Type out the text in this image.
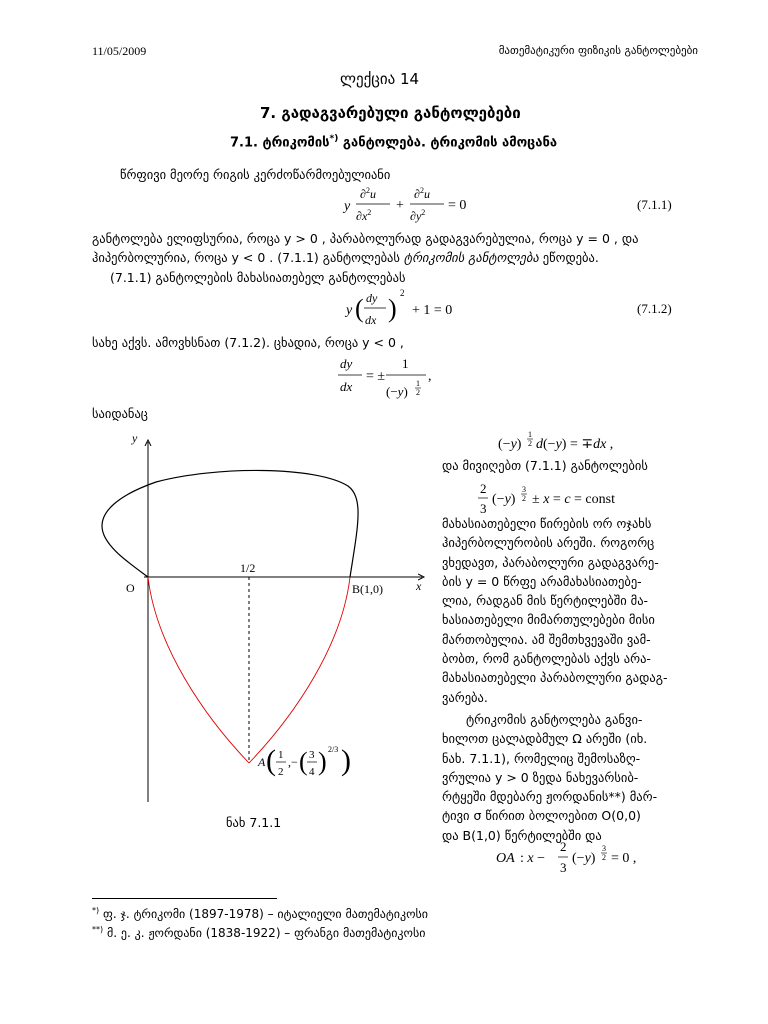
11/05/2009	მათემატიკური ფიზიკის განტოლებები
ლექცია 14
7. გადაგვარებული განტოლებები
7.1. ტრიკომის*) განტოლება. ტრიკომის ამოცანა
წრფივი მეორე რიგის კერძოწარმოებულიანი
y
∂$^2$u
$\partial x^2$ +
∂$^2$u
$\partial y^2 = 0$	(7.1.1)
განტოლება ელიფსურია, როცა y > 0 , პარაბოლურად გადაგვარებულია, როცა y = 0 , და
ჰიპერბოლურია, როცა y < 0 . (7.1.1) განტოლებას ტრიკომის განტოლება ეწოდება.
(7.1.1) განტოლების მახასიათებელ განტოლებას
y ( dy
dx )
2
+ 1 = 0	(7.1.2)
სახე აქვს. ამოვხსნათ (7.1.2). ცხადია, როცა y < 0 ,
dy
dx
= ±
1
(−y)
1
2
,
საიდანაც
y
x
O	B(1,0)
1/2
A ( 1
2
,− ( 3
4 ) 2/3 )
ნახ 7.1.1
(−y)
1
2 d(−y) = ∓dx ,
და მივიღებთ (7.1.1) განტოლების
2
3
(−y)
3
2 ± x = c = const
მახასიათებელი წირების ორ ოჯახს
ჰიპერბოლურობის არეში. როგორც
ვხედავთ, პარაბოლური გადაგვარე-
ბის y = 0 წრფე არამახასიათებე-
ლია, რადგან მის წერტილებში მა-
ხასიათებელი მიმართულებები მისი
მართობულია. ამ შემთხვევაში ვამ-
ბობთ, რომ განტოლებას აქვს არა-
მახასიათებელი პარაბოლური გადაგ-
ვარება.
ტრიკომის განტოლება განვი-
ხილოთ ცალადბმულ Ω არეში (იხ.
ნახ. 7.1.1), რომელიც შემოსაზღ-
ვრულია y > 0 ზედა ნახევარსიბ-
რტყეში მდებარე ჟორდანის**) მარ-
ტივი σ წირით ბოლოებით O(0,0)
და B(1,0) წერტილებში და
OA : x −
2
3
(−y)
3
2 = 0 ,
*) ფ. ჯ. ტრიკომი (1897-1978) – იტალიელი მათემატიკოსი
**) მ. ე. კ. ჟორდანი (1838-1922) – ფრანგი მათემატიკოსი
